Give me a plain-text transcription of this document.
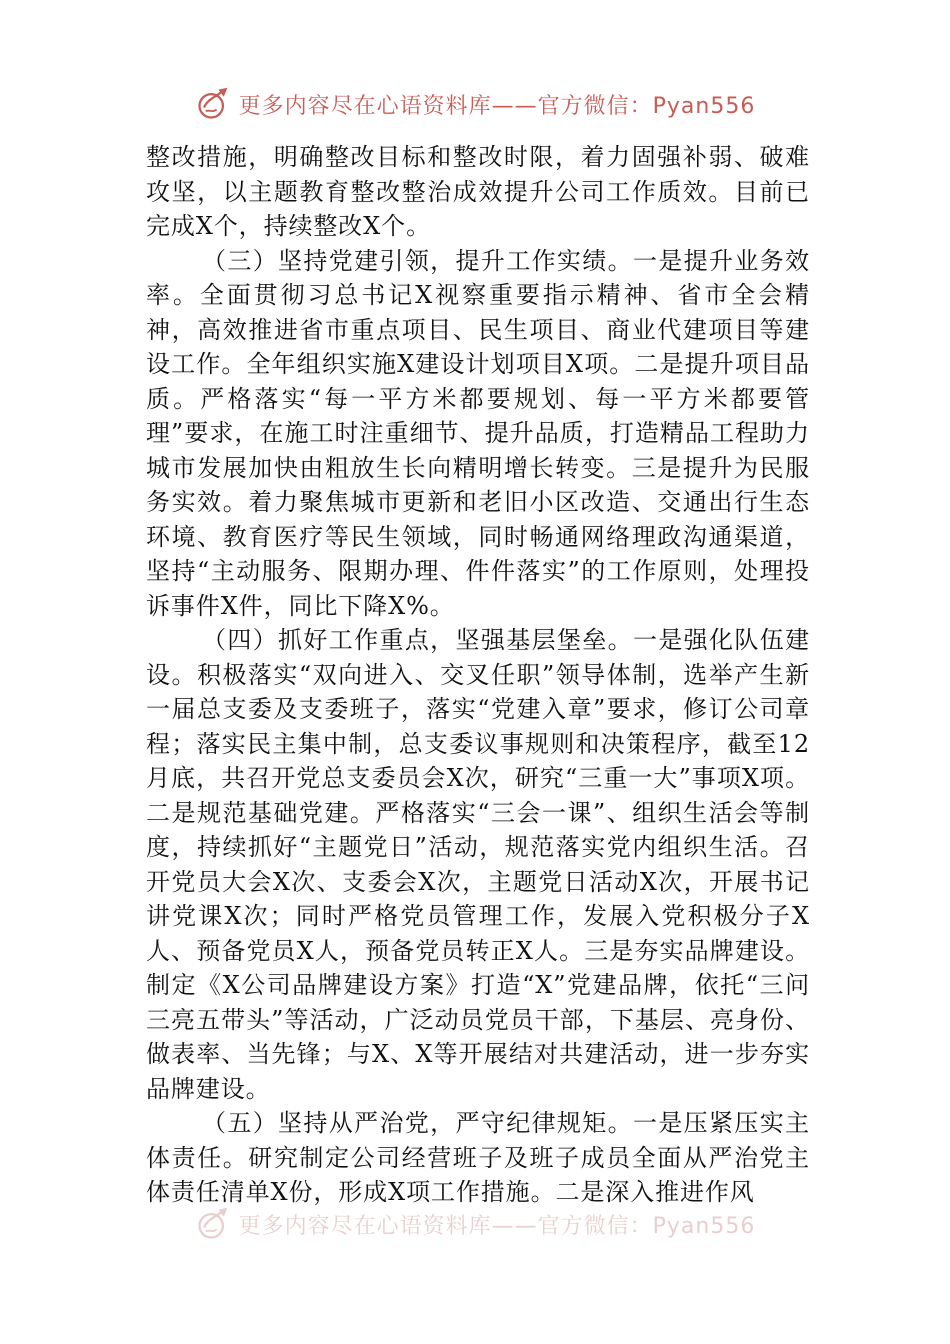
更多内容尽在心语资料库——官方微信：Pyan556

整改措施，明确整改目标和整改时限，着力固强补弱、破难攻坚，以主题教育整改整治成效提升公司工作质效。目前已完成X个，持续整改X个。

（三）坚持党建引领，提升工作实绩。一是提升业务效率。全面贯彻习总书记X视察重要指示精神、省市全会精神，高效推进省市重点项目、民生项目、商业代建项目等建设工作。全年组织实施X建设计划项目X项。二是提升项目品质。严格落实“每一平方米都要规划、每一平方米都要管理”要求，在施工时注重细节、提升品质，打造精品工程助力城市发展加快由粗放生长向精明增长转变。三是提升为民服务实效。着力聚焦城市更新和老旧小区改造、交通出行生态环境、教育医疗等民生领域，同时畅通网络理政沟通渠道，坚持“主动服务、限期办理、件件落实”的工作原则，处理投诉事件X件，同比下降X%。

（四）抓好工作重点，坚强基层堡垒。一是强化队伍建设。积极落实“双向进入、交叉任职”领导体制，选举产生新一届总支委及支委班子，落实“党建入章”要求，修订公司章程；落实民主集中制，总支委议事规则和决策程序，截至12月底，共召开党总支委员会X次，研究“三重一大”事项X项。二是规范基础党建。严格落实“三会一课”、组织生活会等制度，持续抓好“主题党日”活动，规范落实党内组织生活。召开党员大会X次、支委会X次，主题党日活动X次，开展书记讲党课X次；同时严格党员管理工作，发展入党积极分子X人、预备党员X人，预备党员转正X人。三是夯实品牌建设。制定《X公司品牌建设方案》打造“X”党建品牌，依托“三问三亮五带头”等活动，广泛动员党员干部，下基层、亮身份、做表率、当先锋；与X、X等开展结对共建活动，进一步夯实品牌建设。

（五）坚持从严治党，严守纪律规矩。一是压紧压实主体责任。研究制定公司经营班子及班子成员全面从严治党主体责任清单X份，形成X项工作措施。二是深入推进作风

更多内容尽在心语资料库——官方微信：Pyan556
